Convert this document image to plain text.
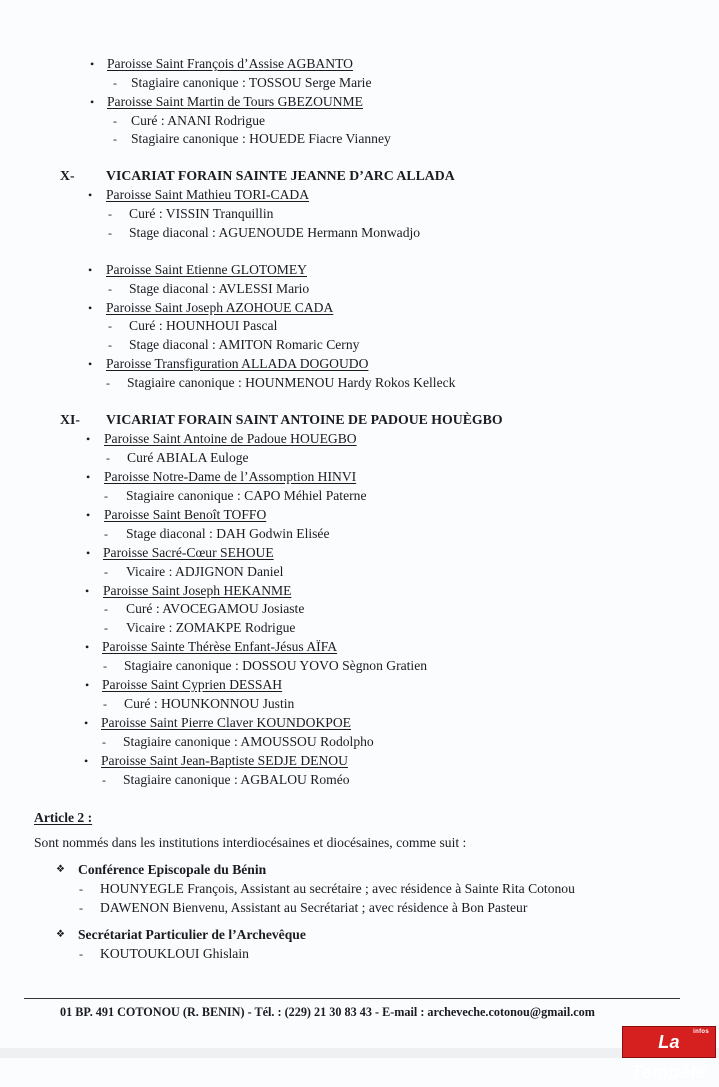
• Paroisse Saint François d’Assise AGBANTO
- Stagiaire canonique : TOSSOU Serge Marie
• Paroisse Saint Martin de Tours GBEZOUNME
- Curé : ANANI Rodrigue
- Stagiaire canonique : HOUEDE Fiacre Vianney
X- VICARIAT FORAIN SAINTE JEANNE D’ARC ALLADA
• Paroisse Saint Mathieu TORI-CADA
- Curé : VISSIN Tranquillin
- Stage diaconal : AGUENOUDE Hermann Monwadjo
• Paroisse Saint Etienne GLOTOMEY
- Stage diaconal : AVLESSI Mario
• Paroisse Saint Joseph AZOHOUE CADA
- Curé : HOUNHOUI Pascal
- Stage diaconal : AMITON Romaric Cerny
• Paroisse Transfiguration ALLADA DOGOUDO
- Stagiaire canonique : HOUNMENOU Hardy Rokos Kelleck
XI- VICARIAT FORAIN SAINT ANTOINE DE PADOUE HOUÈGBO
• Paroisse Saint Antoine de Padoue HOUEGBO
- Curé ABIALA Euloge
• Paroisse Notre-Dame de l’Assomption HINVI
- Stagiaire canonique : CAPO Méhiel Paterne
• Paroisse Saint Benoît TOFFO
- Stage diaconal : DAH Godwin Elisée
• Paroisse Sacré-Cœur SEHOUE
- Vicaire : ADJIGNON Daniel
• Paroisse Saint Joseph HEKANME
- Curé : AVOCEGAMOU Josiaste
- Vicaire : ZOMAKPE Rodrigue
• Paroisse Sainte Thérèse Enfant-Jésus AÏFA
- Stagiaire canonique : DOSSOU YOVO Sègnon Gratien
• Paroisse Saint Cyprien DESSAH
- Curé : HOUNKONNOU Justin
• Paroisse Saint Pierre Claver KOUNDOKPOE
- Stagiaire canonique : AMOUSSOU Rodolpho
• Paroisse Saint Jean-Baptiste SEDJE DENOU
- Stagiaire canonique : AGBALOU Roméo
Article 2 :
Sont nommés dans les institutions interdiocésaines et diocésaines, comme suit :
❖ Conférence Episcopale du Bénin
- HOUNYEGLE François, Assistant au secrétaire ; avec résidence à Sainte Rita Cotonou
- DAWENON Bienvenu, Assistant au Secrétariat ; avec résidence à Bon Pasteur
❖ Secrétariat Particulier de l’Archevêque
- KOUTOUKLOUI Ghislain
01 BP. 491 COTONOU (R. BENIN) - Tél. : (229) 21 30 83 43 - E-mail : archeveche.cotonou@gmail.com
infos
La Tempête
